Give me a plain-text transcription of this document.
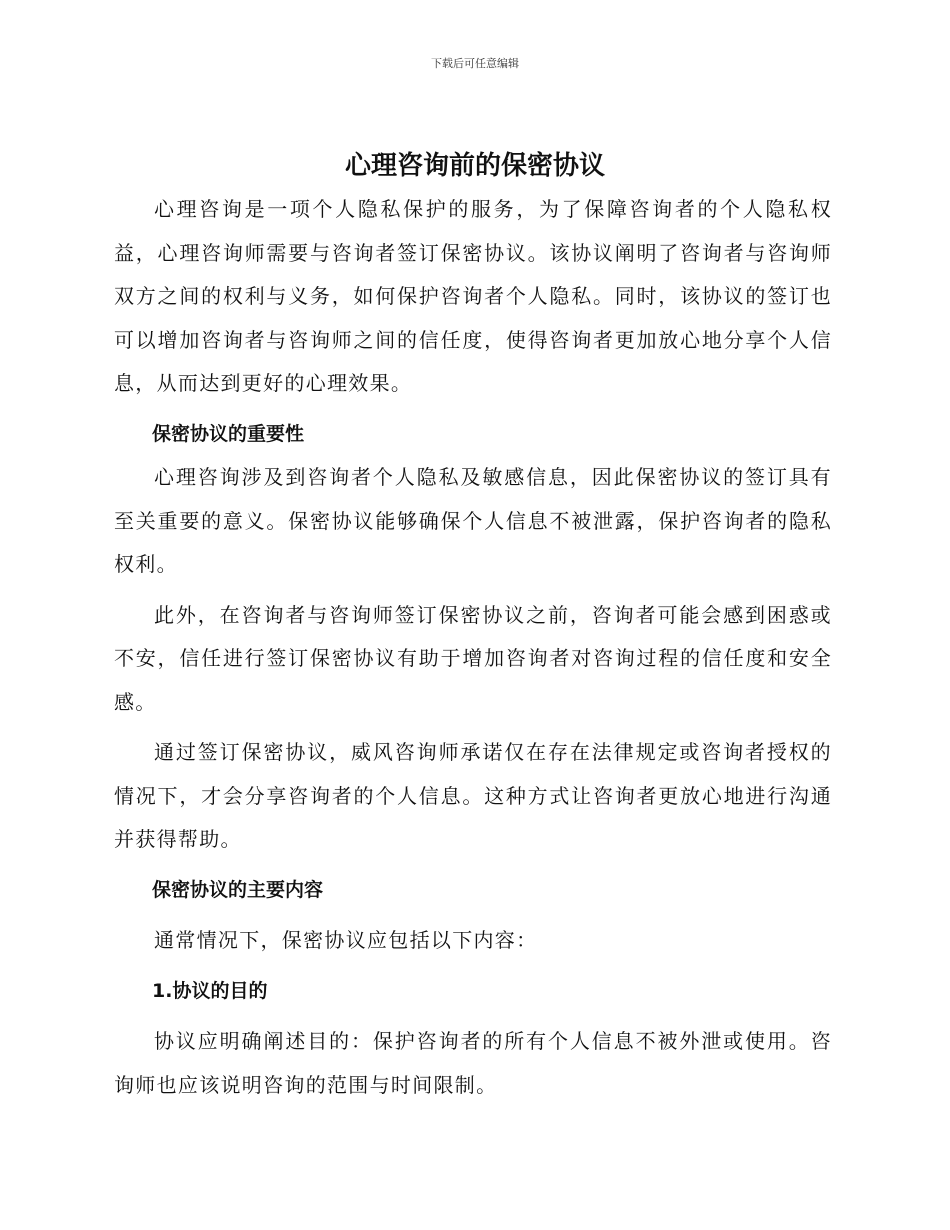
下载后可任意编辑
心理咨询前的保密协议

心理咨询是一项个人隐私保护的服务，为了保障咨询者的个人隐私权益，心理咨询师需要与咨询者签订保密协议。该协议阐明了咨询者与咨询师双方之间的权利与义务，如何保护咨询者个人隐私。同时，该协议的签订也可以增加咨询者与咨询师之间的信任度，使得咨询者更加放心地分享个人信息，从而达到更好的心理效果。

保密协议的重要性

心理咨询涉及到咨询者个人隐私及敏感信息，因此保密协议的签订具有至关重要的意义。保密协议能够确保个人信息不被泄露，保护咨询者的隐私权利。

此外，在咨询者与咨询师签订保密协议之前，咨询者可能会感到困惑或不安，信任进行签订保密协议有助于增加咨询者对咨询过程的信任度和安全感。

通过签订保密协议，威风咨询师承诺仅在存在法律规定或咨询者授权的情况下，才会分享咨询者的个人信息。这种方式让咨询者更放心地进行沟通并获得帮助。

保密协议的主要内容

通常情况下，保密协议应包括以下内容：

1.协议的目的

协议应明确阐述目的：保护咨询者的所有个人信息不被外泄或使用。咨询师也应该说明咨询的范围与时间限制。
